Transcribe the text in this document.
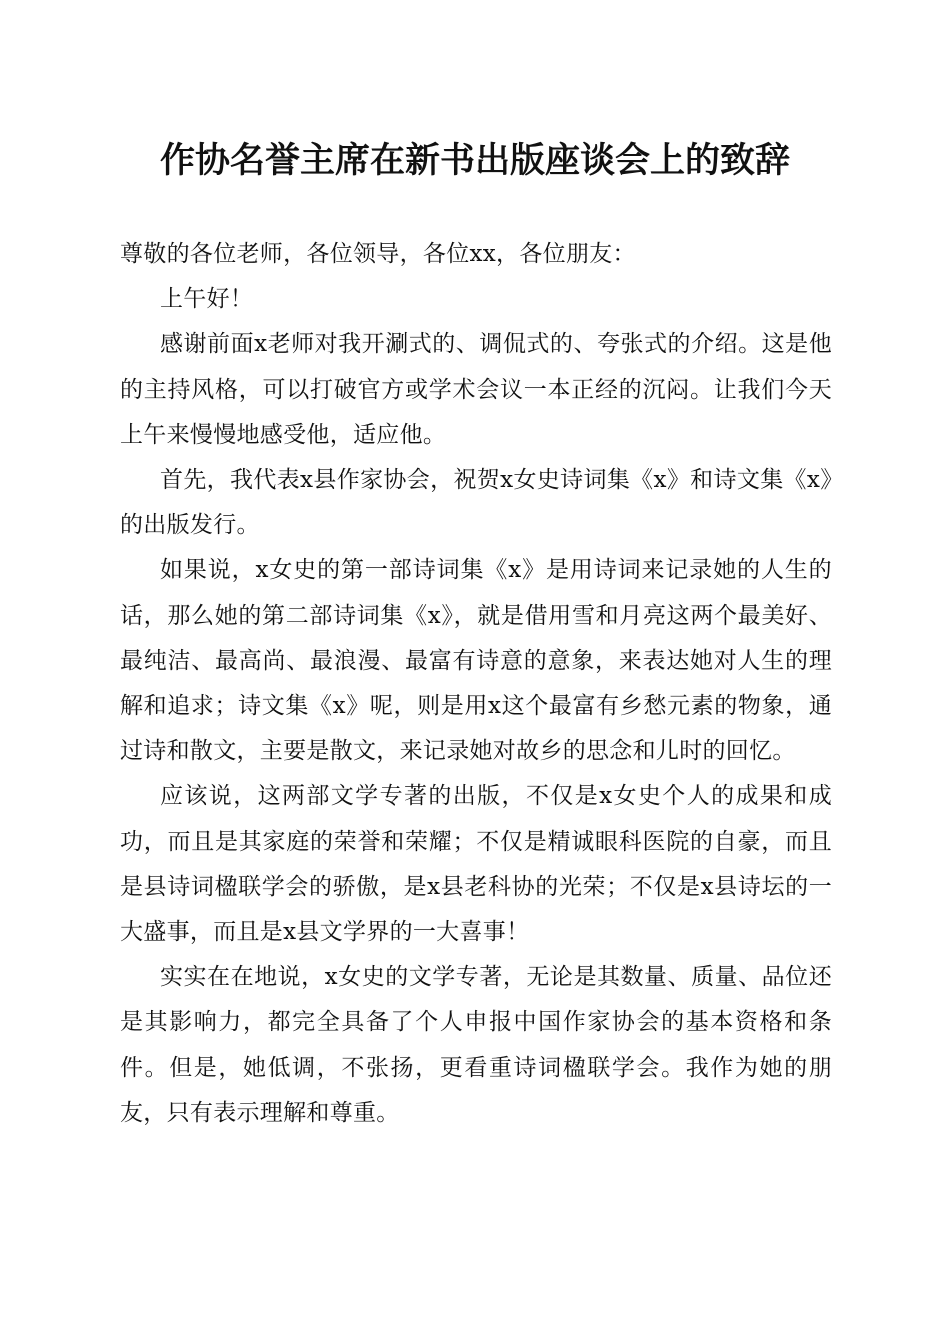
作协名誉主席在新书出版座谈会上的致辞

尊敬的各位老师，各位领导，各位xx，各位朋友：

上午好！

感谢前面x老师对我开涮式的、调侃式的、夸张式的介绍。这是他的主持风格，可以打破官方或学术会议一本正经的沉闷。让我们今天上午来慢慢地感受他，适应他。

首先，我代表x县作家协会，祝贺x女史诗词集《x》和诗文集《x》的出版发行。

如果说，x女史的第一部诗词集《x》是用诗词来记录她的人生的话，那么她的第二部诗词集《x》，就是借用雪和月亮这两个最美好、最纯洁、最高尚、最浪漫、最富有诗意的意象，来表达她对人生的理解和追求；诗文集《x》呢，则是用x这个最富有乡愁元素的物象，通过诗和散文，主要是散文，来记录她对故乡的思念和儿时的回忆。

应该说，这两部文学专著的出版，不仅是x女史个人的成果和成功，而且是其家庭的荣誉和荣耀；不仅是精诚眼科医院的自豪，而且是县诗词楹联学会的骄傲，是x县老科协的光荣；不仅是x县诗坛的一大盛事，而且是x县文学界的一大喜事！

实实在在地说，x女史的文学专著，无论是其数量、质量、品位还是其影响力，都完全具备了个人申报中国作家协会的基本资格和条件。但是，她低调，不张扬，更看重诗词楹联学会。我作为她的朋友，只有表示理解和尊重。
